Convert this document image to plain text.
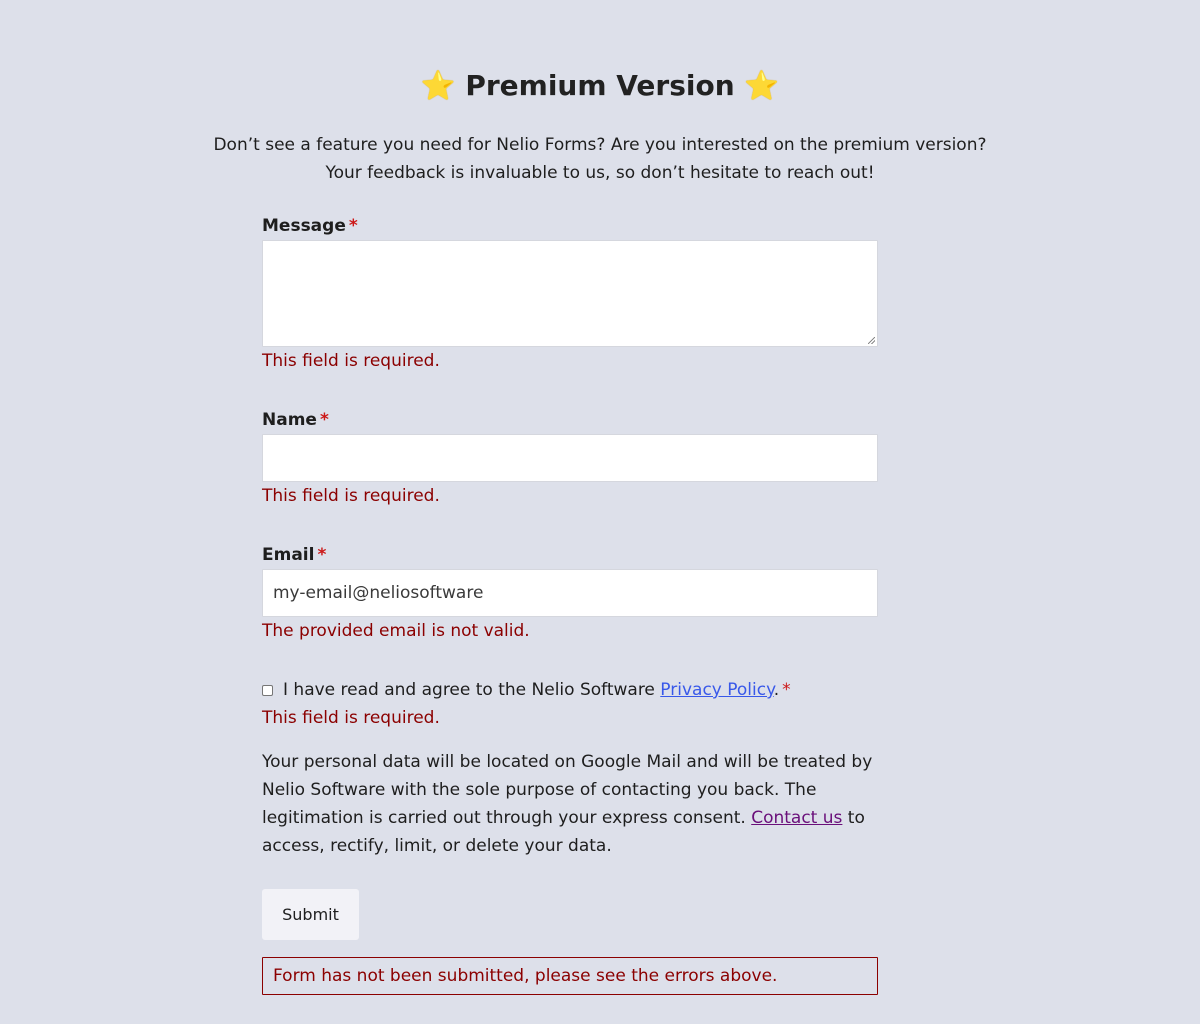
⭐ Premium Version ⭐

Don’t see a feature you need for Nelio Forms? Are you interested on the premium version?

Your feedback is invaluable to us, so don’t hesitate to reach out!

Message *
This field is required.
Name *
This field is required.
Email *
my-email@neliosoftware
The provided email is not valid.
I have read and agree to the Nelio Software Privacy Policy. *
This field is required.

Your personal data will be located on Google Mail and will be treated by Nelio Software with the sole purpose of contacting you back. The legitimation is carried out through your express consent. Contact us to access, rectify, limit, or delete your data.

Submit
Form has not been submitted, please see the errors above.
